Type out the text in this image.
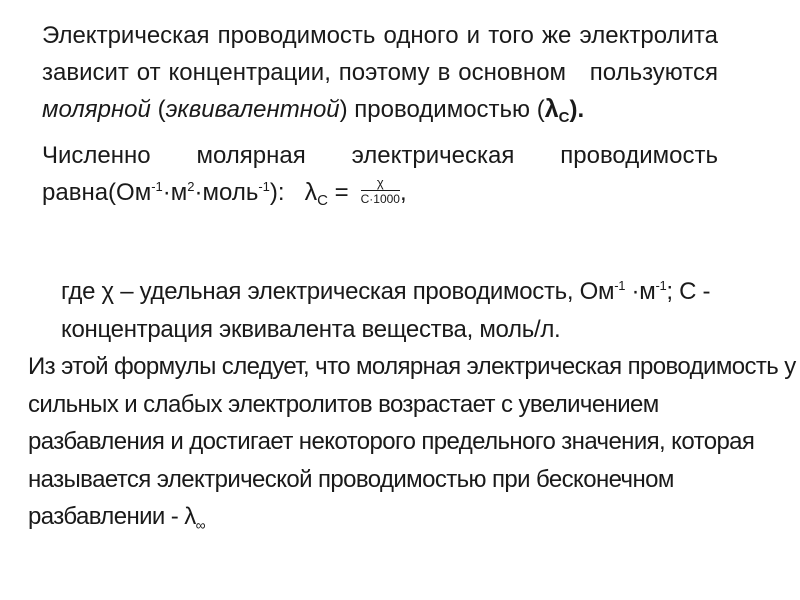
Электрическая проводимость одного и того же электролита зависит от концентрации, поэтому в основном пользуются молярной (эквивалентной) проводимостью $(\lambda_С)$.

Численно молярная электрическая проводимость $равна(Ом^{-1}\cdot м^2\cdot моль^{-1})$: $\lambda_С = \frac{\chi}{С\cdot 1000}$ ,

где χ – удельная электрическая проводимость, $Ом^{-1} \cdot м^{-1}$; С - концентрация эквивалента вещества, моль/л.
Из этой формулы следует, что молярная электрическая проводимость у сильных и слабых электролитов возрастает с увеличением разбавления и достигает некоторого предельного значения, которая называется электрической проводимостью при бесконечном разбавлении - $\lambda_\infty$
